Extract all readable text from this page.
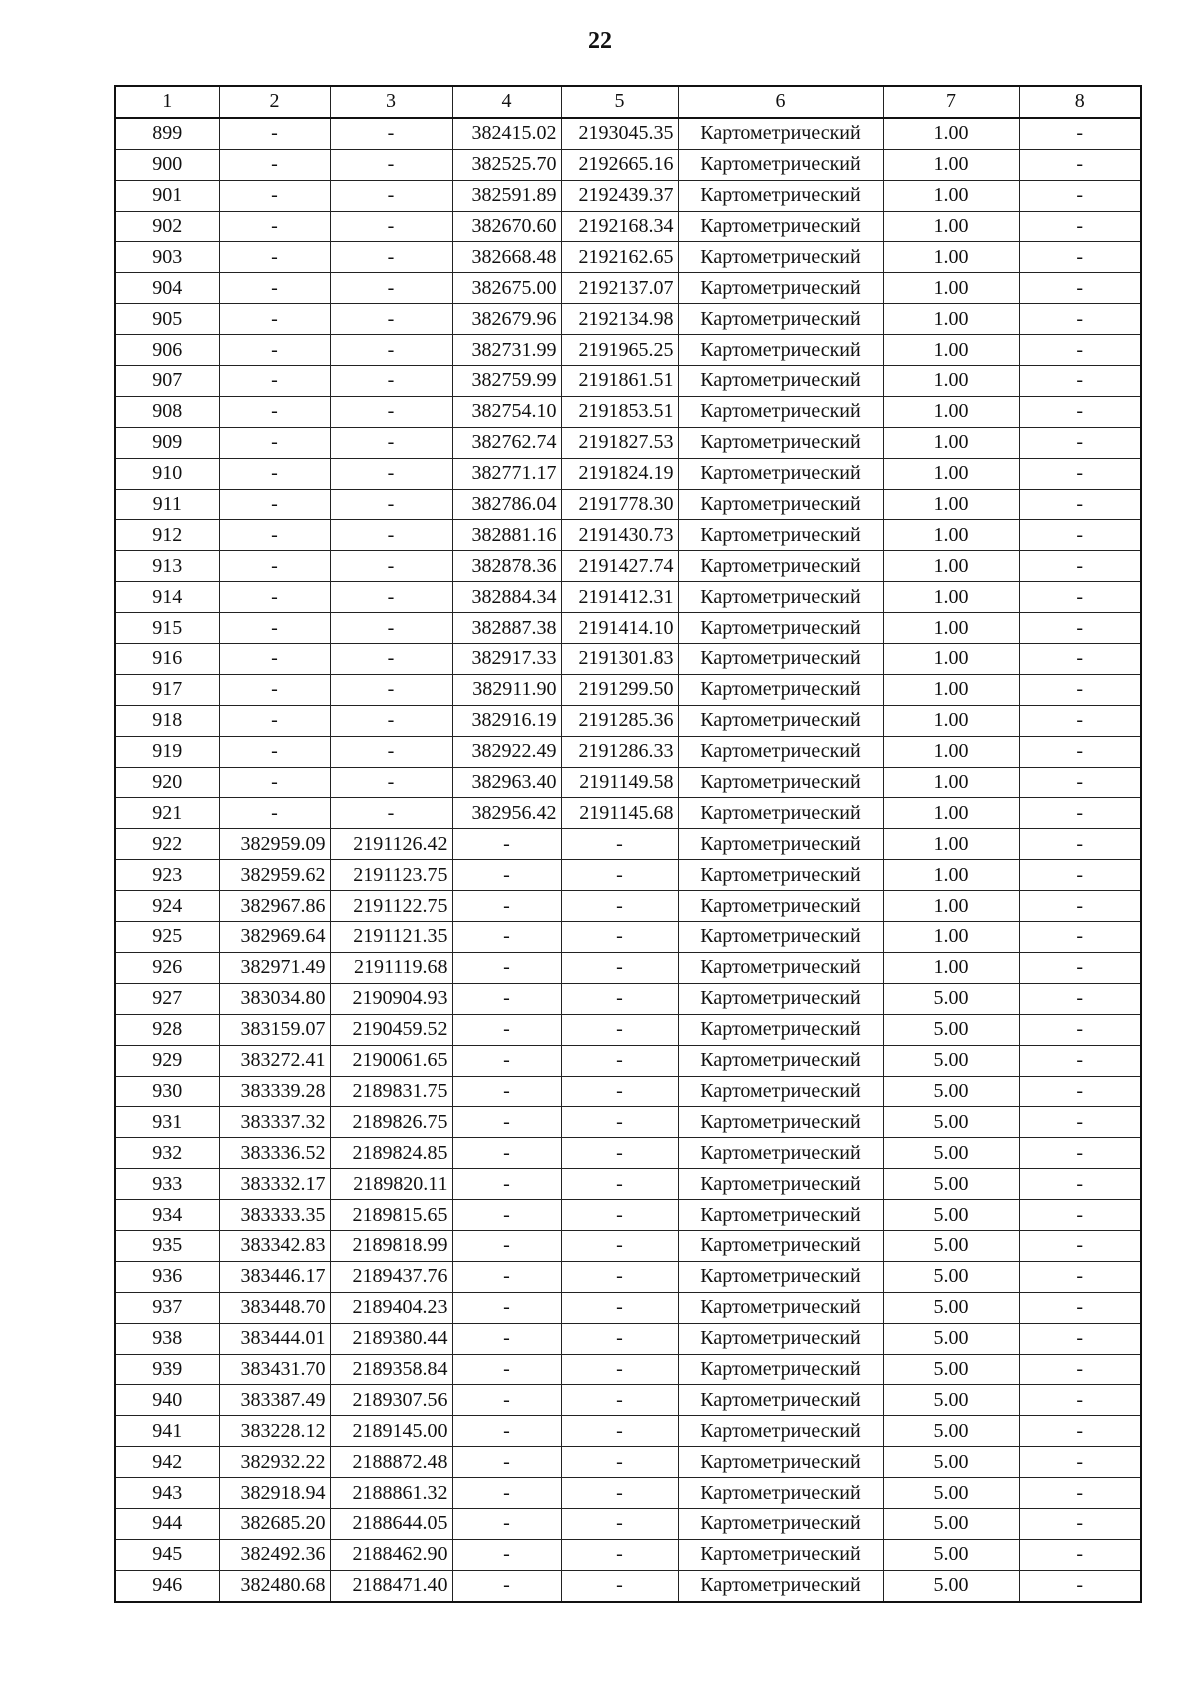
22
1	2	3	4	5	6	7	8
899	-	-	382415.02	2193045.35	Картометрический	1.00	-
900	-	-	382525.70	2192665.16	Картометрический	1.00	-
901	-	-	382591.89	2192439.37	Картометрический	1.00	-
902	-	-	382670.60	2192168.34	Картометрический	1.00	-
903	-	-	382668.48	2192162.65	Картометрический	1.00	-
904	-	-	382675.00	2192137.07	Картометрический	1.00	-
905	-	-	382679.96	2192134.98	Картометрический	1.00	-
906	-	-	382731.99	2191965.25	Картометрический	1.00	-
907	-	-	382759.99	2191861.51	Картометрический	1.00	-
908	-	-	382754.10	2191853.51	Картометрический	1.00	-
909	-	-	382762.74	2191827.53	Картометрический	1.00	-
910	-	-	382771.17	2191824.19	Картометрический	1.00	-
911	-	-	382786.04	2191778.30	Картометрический	1.00	-
912	-	-	382881.16	2191430.73	Картометрический	1.00	-
913	-	-	382878.36	2191427.74	Картометрический	1.00	-
914	-	-	382884.34	2191412.31	Картометрический	1.00	-
915	-	-	382887.38	2191414.10	Картометрический	1.00	-
916	-	-	382917.33	2191301.83	Картометрический	1.00	-
917	-	-	382911.90	2191299.50	Картометрический	1.00	-
918	-	-	382916.19	2191285.36	Картометрический	1.00	-
919	-	-	382922.49	2191286.33	Картометрический	1.00	-
920	-	-	382963.40	2191149.58	Картометрический	1.00	-
921	-	-	382956.42	2191145.68	Картометрический	1.00	-
922	382959.09	2191126.42	-	-	Картометрический	1.00	-
923	382959.62	2191123.75	-	-	Картометрический	1.00	-
924	382967.86	2191122.75	-	-	Картометрический	1.00	-
925	382969.64	2191121.35	-	-	Картометрический	1.00	-
926	382971.49	2191119.68	-	-	Картометрический	1.00	-
927	383034.80	2190904.93	-	-	Картометрический	5.00	-
928	383159.07	2190459.52	-	-	Картометрический	5.00	-
929	383272.41	2190061.65	-	-	Картометрический	5.00	-
930	383339.28	2189831.75	-	-	Картометрический	5.00	-
931	383337.32	2189826.75	-	-	Картометрический	5.00	-
932	383336.52	2189824.85	-	-	Картометрический	5.00	-
933	383332.17	2189820.11	-	-	Картометрический	5.00	-
934	383333.35	2189815.65	-	-	Картометрический	5.00	-
935	383342.83	2189818.99	-	-	Картометрический	5.00	-
936	383446.17	2189437.76	-	-	Картометрический	5.00	-
937	383448.70	2189404.23	-	-	Картометрический	5.00	-
938	383444.01	2189380.44	-	-	Картометрический	5.00	-
939	383431.70	2189358.84	-	-	Картометрический	5.00	-
940	383387.49	2189307.56	-	-	Картометрический	5.00	-
941	383228.12	2189145.00	-	-	Картометрический	5.00	-
942	382932.22	2188872.48	-	-	Картометрический	5.00	-
943	382918.94	2188861.32	-	-	Картометрический	5.00	-
944	382685.20	2188644.05	-	-	Картометрический	5.00	-
945	382492.36	2188462.90	-	-	Картометрический	5.00	-
946	382480.68	2188471.40	-	-	Картометрический	5.00	-
